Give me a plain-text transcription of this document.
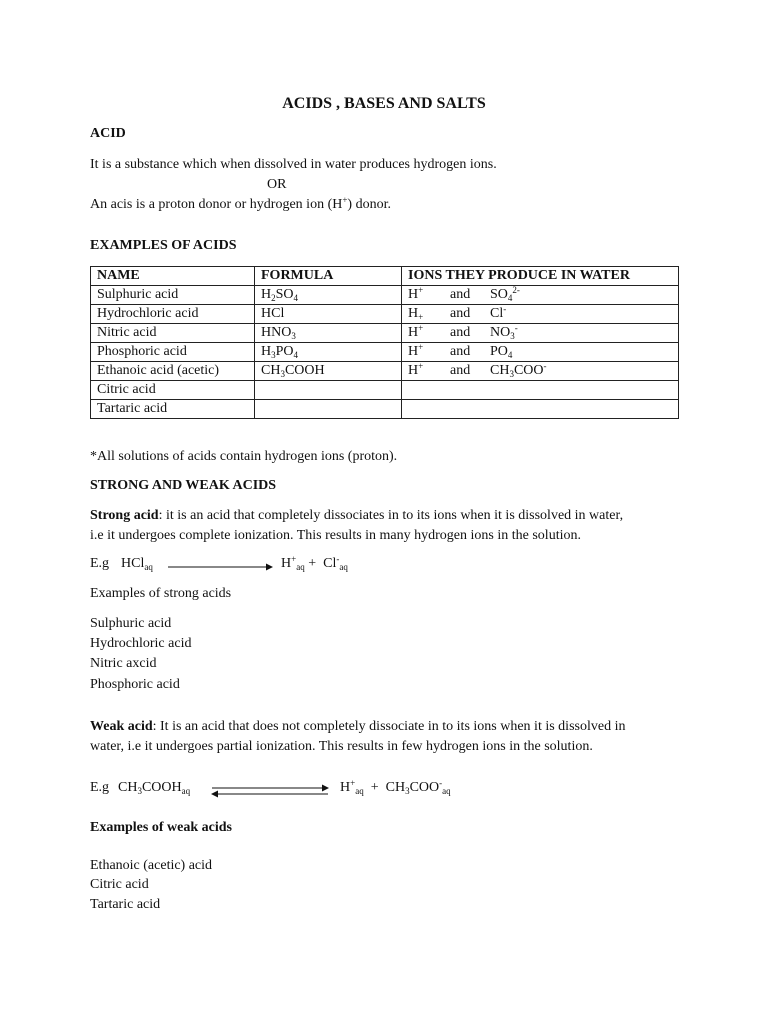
ACIDS , BASES AND SALTS
ACID
It is a substance which when dissolved in water produces hydrogen ions.
OR
An acis is a proton donor or hydrogen ion (H+) donor.
EXAMPLES OF ACIDS
NAME	FORMULA	IONS THEY PRODUCE IN WATER
Sulphuric acid	$H_2SO_4$	H+ and $SO_4^{2-}$
Hydrochloric acid	HCl	$H_+$ and Cl-
Nitric acid	$HNO_3$	H+ and $NO_3^-$
Phosphoric acid	$H_3PO_4$	H+ and $PO_4$
Ethanoic acid (acetic)	$CH_3COOH$	H+ and $CH_3COO^-$
Citric acid		
Tartaric acid		
*All solutions of acids contain hydrogen ions (proton).
STRONG AND WEAK ACIDS
Strong acid: it is an acid that completely dissociates in to its ions when it is dissolved in water,
i.e it undergoes complete ionization. This results in many hydrogen ions in the solution.
E.g HCl$_{aq}$	$H^+_{aq} + Cl^-_{aq}$
Examples of strong acids
Sulphuric acid
Hydrochloric acid
Nitric axcid
Phosphoric acid
Weak acid: It is an acid that does not completely dissociate in to its ions when it is dissolved in
water, i.e it undergoes partial ionization. This results in few hydrogen ions in the solution.
E.g $CH_3COOH_{aq}$	$H^+_{aq} + CH_3COO^-_{aq}$
Examples of weak acids
Ethanoic (acetic) acid
Citric acid
Tartaric acid
